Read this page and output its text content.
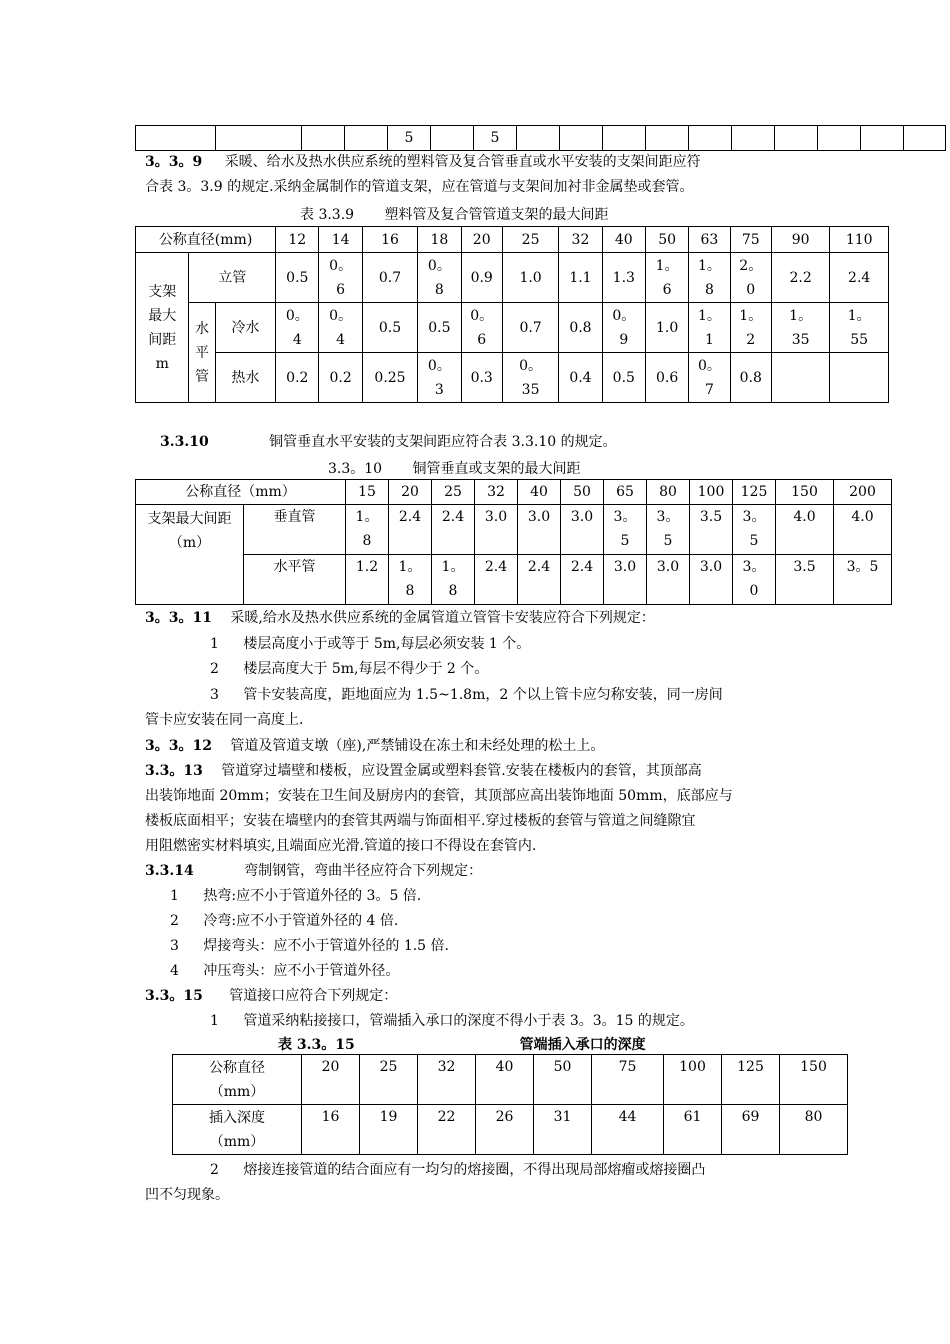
				5		5										
3。3。9 采暖、给水及热水供应系统的塑料管及复合管垂直或水平安装的支架间距应符
合表 3。3.9 的规定.采纳金属制作的管道支架，应在管道与支架间加衬非金属垫或套管。
表 3.3.9 塑料管及复合管管道支架的最大间距
公称直径(mm)			12	14	16	18	20	25	32	40	50	63	75	90	110
支架最大间距m	立管		0.5	0。6	0.7	0。8	0.9	1.0	1.1	1.3	1。6	1。8	2。0	2.2	2.4
	水平管	冷水	0。4	0。4	0.5	0.5	0。6	0.7	0.8	0。9	1.0	1。1	1。2	1。35	1。55
		热水	0.2	0.2	0.25	0。3	0.3	0。35	0.4	0.5	0.6	0。7	0.8		
3.3.10	铜管垂直水平安装的支架间距应符合表 3.3.10 的规定。
3.3。10 铜管垂直或支架的最大间距
公称直径（mm）		15	20	25	32	40	50	65	80	100	125	150	200
支架最大间距（m）	垂直管	1。8	2.4	2.4	3.0	3.0	3.0	3。5	3。5	3.5	3。5	4.0	4.0
	水平管	1.2	1。8	1。8	2.4	2.4	2.4	3.0	3.0	3.0	3。0	3.5	3。5
3。3。11 采暖,给水及热水供应系统的金属管道立管管卡安装应符合下列规定：
1 楼层高度小于或等于 5m,每层必须安装 1 个。
2 楼层高度大于 5m,每层不得少于 2 个。
3 管卡安装高度，距地面应为 1.5~1.8m，2 个以上管卡应匀称安装，同一房间
管卡应安装在同一高度上.
3。3。12 管道及管道支墩（座),严禁铺设在冻土和未经处理的松土上。
3.3。13 管道穿过墙壁和楼板，应设置金属或塑料套管.安装在楼板内的套管，其顶部高
出装饰地面 20mm；安装在卫生间及厨房内的套管，其顶部应高出装饰地面 50mm，底部应与
楼板底面相平；安装在墙壁内的套管其两端与饰面相平.穿过楼板的套管与管道之间缝隙宜
用阻燃密实材料填实,且端面应光滑.管道的接口不得设在套管内.
3.3.14	弯制钢管，弯曲半径应符合下列规定：
1 热弯:应不小于管道外径的 3。5 倍.
2 冷弯:应不小于管道外径的 4 倍.
3 焊接弯头：应不小于管道外径的 1.5 倍.
4 冲压弯头：应不小于管道外径。
3.3。15 管道接口应符合下列规定：
1 管道采纳粘接接口，管端插入承口的深度不得小于表 3。3。15 的规定。
表 3.3。15	管端插入承口的深度
公称直径
（mm）	20	25	32	40	50	75	100	125	150

插入深度
（mm）	16	19	22	26	31	44	61	69	80
2 熔接连接管道的结合面应有一均匀的熔接圈，不得出现局部熔瘤或熔接圈凸
凹不匀现象。
